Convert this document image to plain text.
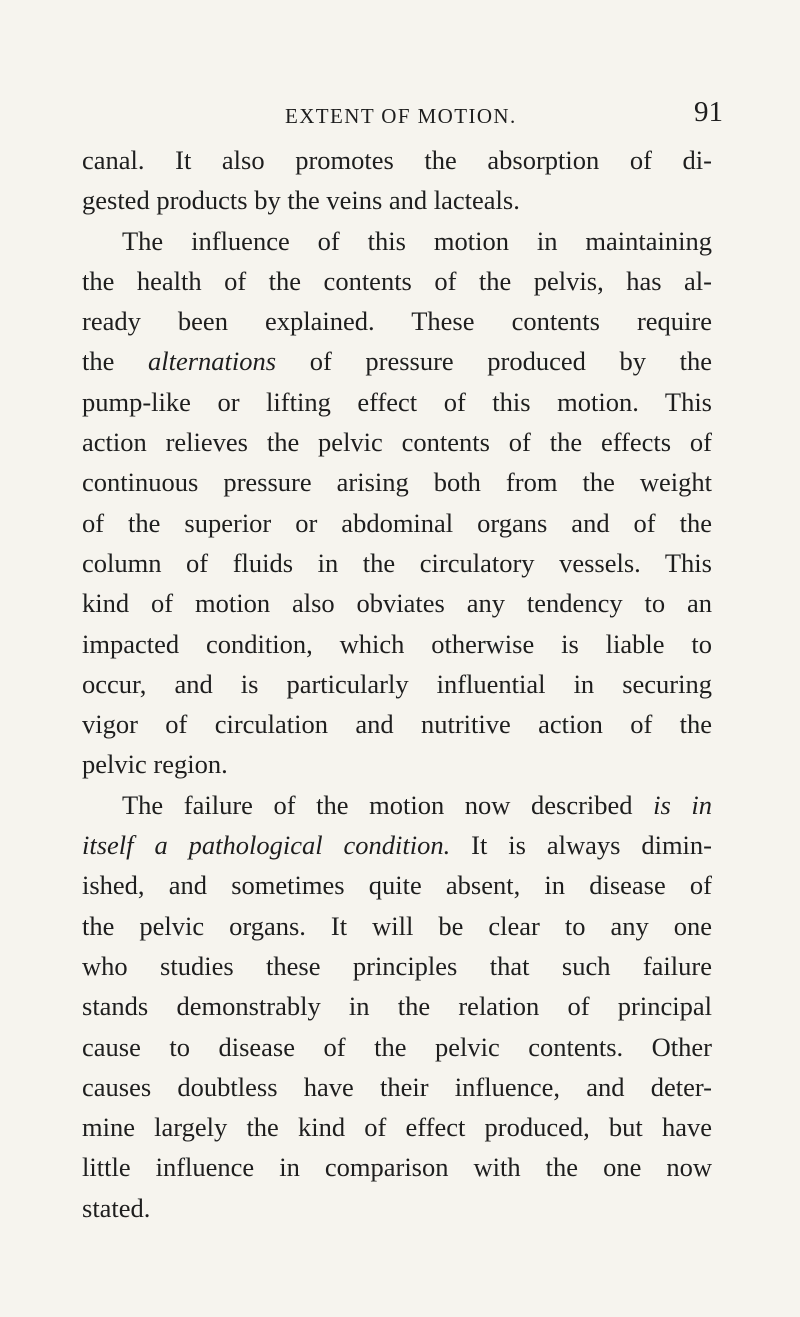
EXTENT OF MOTION.	91

canal. It also promotes the absorption of di-
gested products by the veins and lacteals.

The influence of this motion in maintaining
the health of the contents of the pelvis, has al-
ready been explained. These contents require
the alternations of pressure produced by the
pump-like or lifting effect of this motion. This
action relieves the pelvic contents of the effects of
continuous pressure arising both from the weight
of the superior or abdominal organs and of the
column of fluids in the circulatory vessels. This
kind of motion also obviates any tendency to an
impacted condition, which otherwise is liable to
occur, and is particularly influential in securing
vigor of circulation and nutritive action of the
pelvic region.

The failure of the motion now described is in
itself a pathological condition. It is always dimin-
ished, and sometimes quite absent, in disease of
the pelvic organs. It will be clear to any one
who studies these principles that such failure
stands demonstrably in the relation of principal
cause to disease of the pelvic contents. Other
causes doubtless have their influence, and deter-
mine largely the kind of effect produced, but have
little influence in comparison with the one now
stated.
